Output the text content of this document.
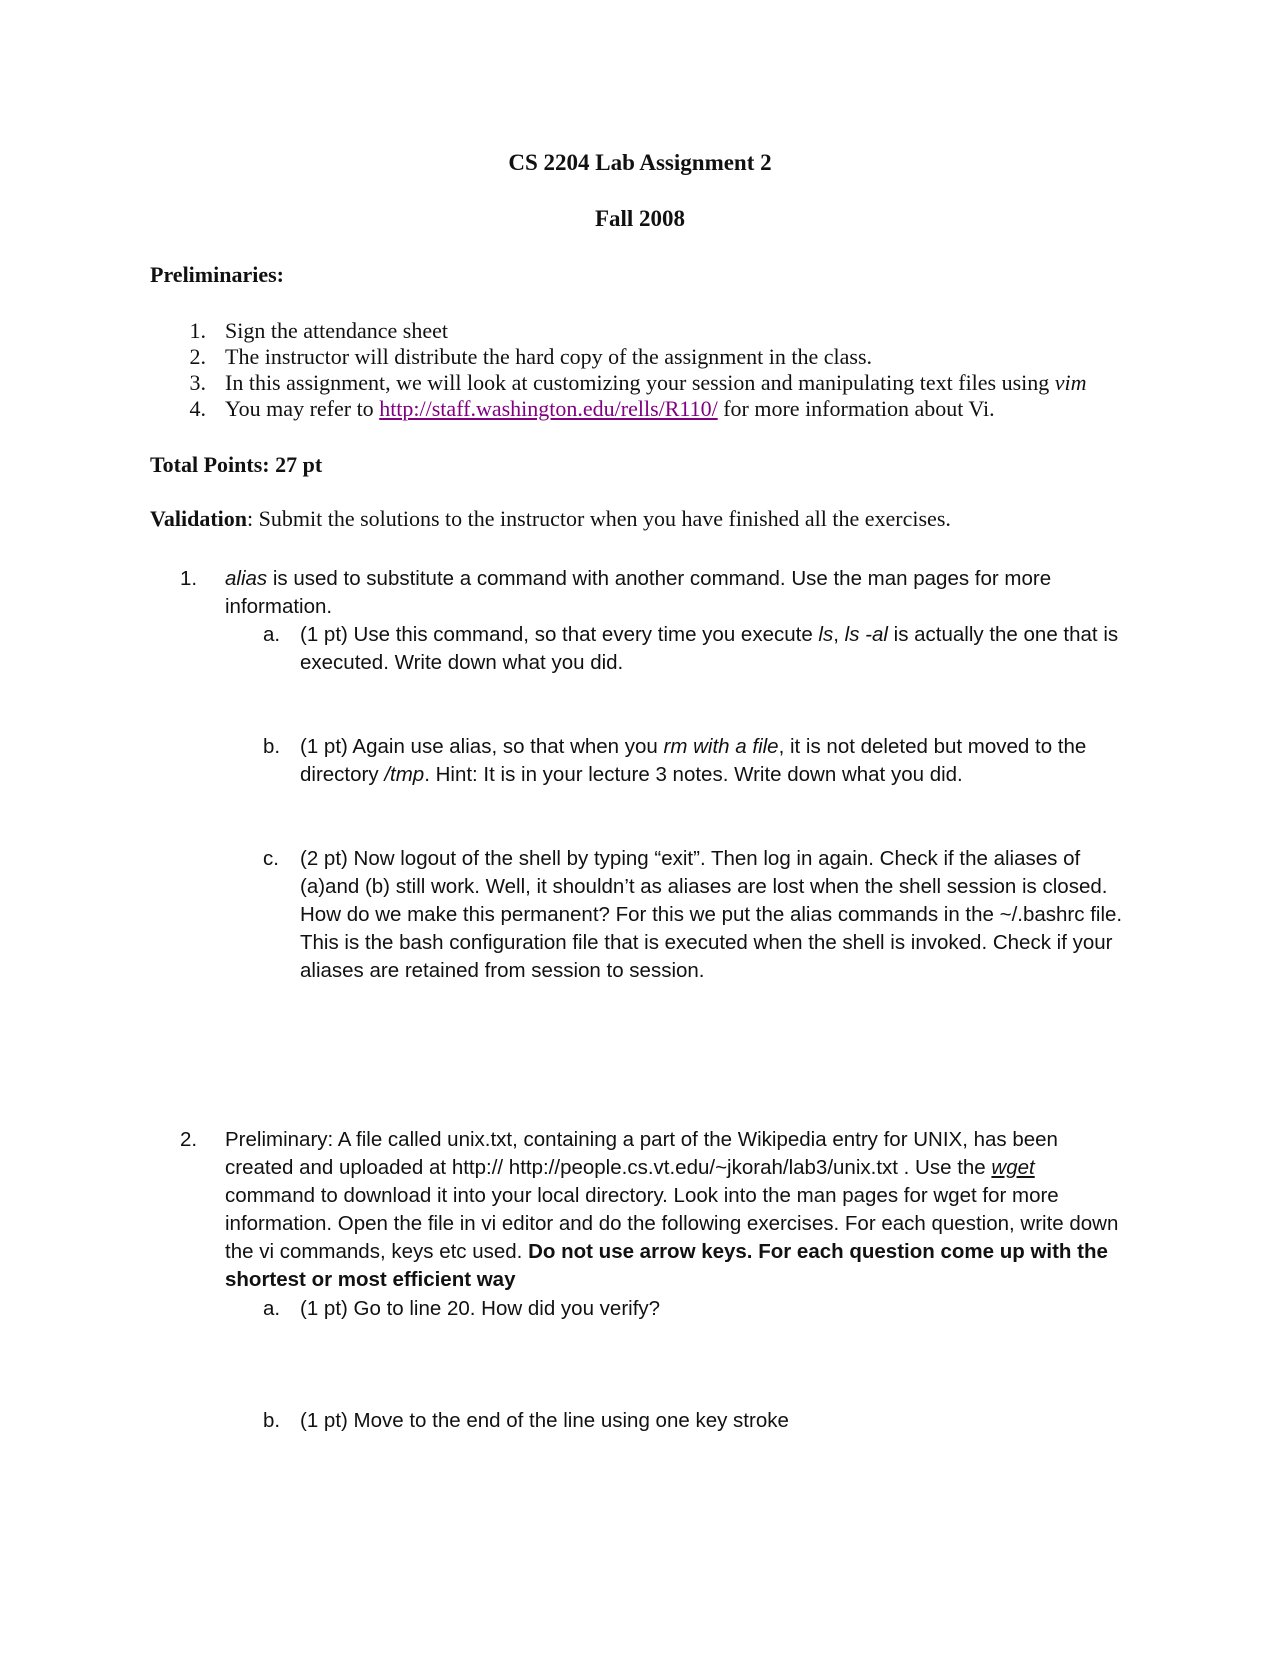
CS 2204 Lab Assignment 2
Fall 2008
Preliminaries:
1. Sign the attendance sheet
2. The instructor will distribute the hard copy of the assignment in the class.
3. In this assignment, we will look at customizing your session and manipulating text files using vim
4. You may refer to http://staff.washington.edu/rells/R110/ for more information about Vi.
Total Points: 27 pt
Validation: Submit the solutions to the instructor when you have finished all the exercises.
1. alias is used to substitute a command with another command. Use the man pages for more information.
a. (1 pt) Use this command, so that every time you execute ls, ls -al is actually the one that is executed. Write down what you did.
b. (1 pt) Again use alias, so that when you rm with a file, it is not deleted but moved to the directory /tmp. Hint: It is in your lecture 3 notes. Write down what you did.
c. (2 pt) Now logout of the shell by typing “exit”. Then log in again. Check if the aliases of (a)and (b) still work. Well, it shouldn’t as aliases are lost when the shell session is closed. How do we make this permanent? For this we put the alias commands in the ~/.bashrc file. This is the bash configuration file that is executed when the shell is invoked. Check if your aliases are retained from session to session.
2. Preliminary: A file called unix.txt, containing a part of the Wikipedia entry for UNIX, has been created and uploaded at http:// http://people.cs.vt.edu/~jkorah/lab3/unix.txt . Use the wget command to download it into your local directory. Look into the man pages for wget for more information. Open the file in vi editor and do the following exercises. For each question, write down the vi commands, keys etc used. Do not use arrow keys. For each question come up with the shortest or most efficient way
a. (1 pt) Go to line 20. How did you verify?
b. (1 pt) Move to the end of the line using one key stroke
